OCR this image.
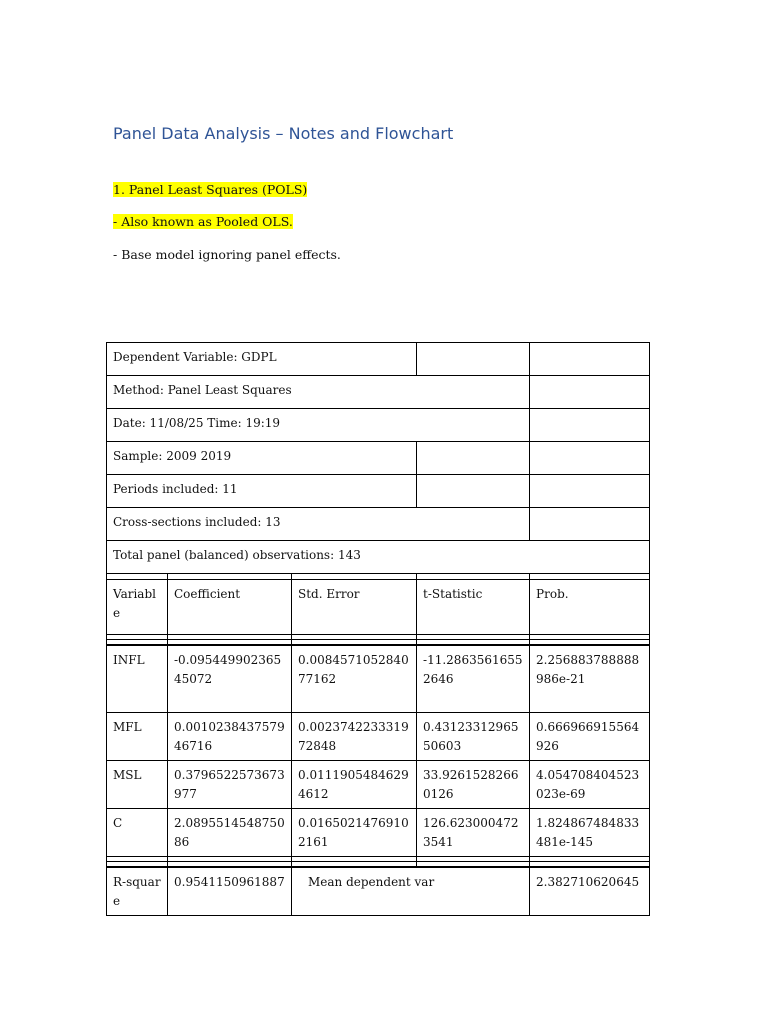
Panel Data Analysis – Notes and Flowchart
1. Panel Least Squares (POLS)
- Also known as Pooled OLS.
- Base model ignoring panel effects.
Dependent Variable: GDPL				
Method: Panel Least Squares				
Date: 11/08/25 Time: 19:19				
Sample: 2009 2019				
Periods included: 11				
Cross-sections included: 13				
Total panel (balanced) observations: 143				

Variable	Coefficient	Std. Error	t-Statistic	Prob.

INFL	-0.09544990236545072	0.008457105284077162	-11.28635616552646	2.256883788888986e-21
MFL	0.001023843757946716	0.002374223331972848	0.4312331296550603	0.666966915564926
MSL	0.3796522573673977	0.01119054846294612	33.92615282660126	4.054708404523023e-69
C	2.089551454875086	0.01650214769102161	126.6230004723541	1.824867484833481e-145

R-square	0.9541150961887	Mean dependent var		2.382710620645
